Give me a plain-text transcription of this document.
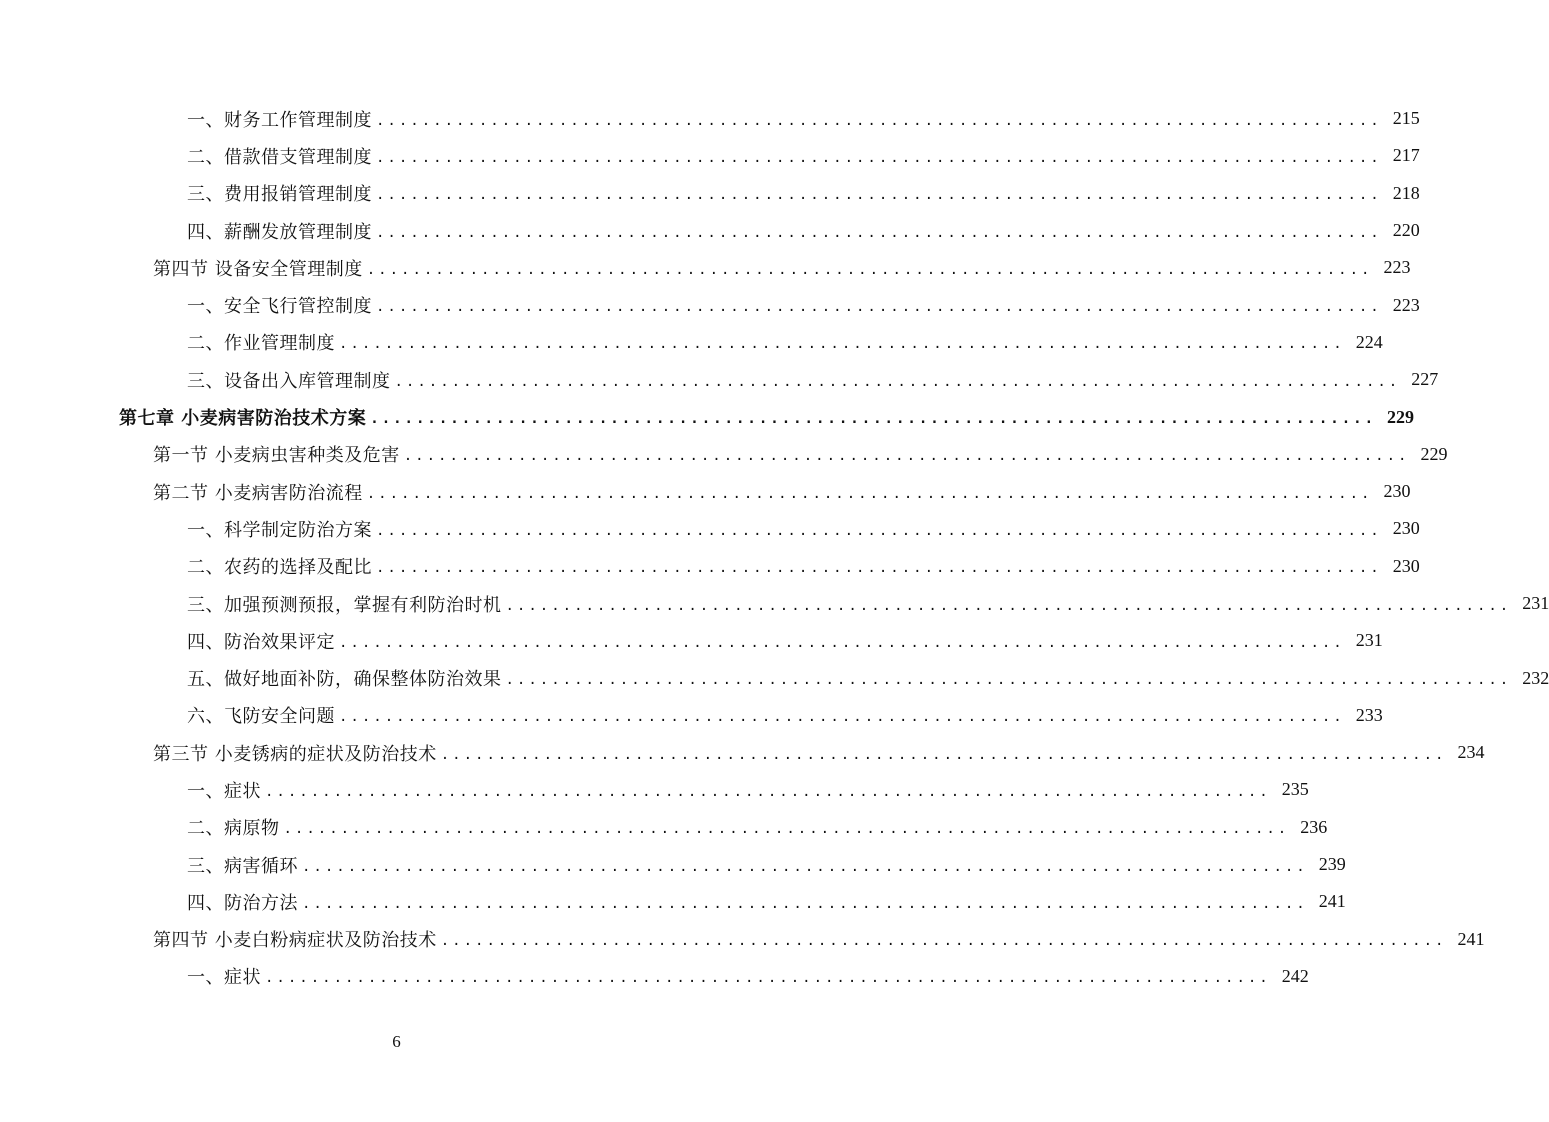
一、财务工作管理制度 ........................................................................................ 215
二、借款借支管理制度 ........................................................................................ 217
三、费用报销管理制度 ........................................................................................ 218
四、薪酬发放管理制度 ........................................................................................ 220
第四节 设备安全管理制度 ........................................................................................ 223
一、安全飞行管控制度 ........................................................................................ 223
二、作业管理制度 ........................................................................................ 224
三、设备出入库管理制度 ........................................................................................ 227
第七章 小麦病害防治技术方案 ........................................................................................ 229
第一节 小麦病虫害种类及危害 ........................................................................................ 229
第二节 小麦病害防治流程 ........................................................................................ 230
一、科学制定防治方案 ........................................................................................ 230
二、农药的选择及配比 ........................................................................................ 230
三、加强预测预报，掌握有利防治时机 ........................................................................................ 231
四、防治效果评定 ........................................................................................ 231
五、做好地面补防，确保整体防治效果 ........................................................................................ 232
六、飞防安全问题 ........................................................................................ 233
第三节 小麦锈病的症状及防治技术 ........................................................................................ 234
一、症状 ........................................................................................ 235
二、病原物 ........................................................................................ 236
三、病害循环 ........................................................................................ 239
四、防治方法 ........................................................................................ 241
第四节 小麦白粉病症状及防治技术 ........................................................................................ 241
一、症状 ........................................................................................ 242
6
